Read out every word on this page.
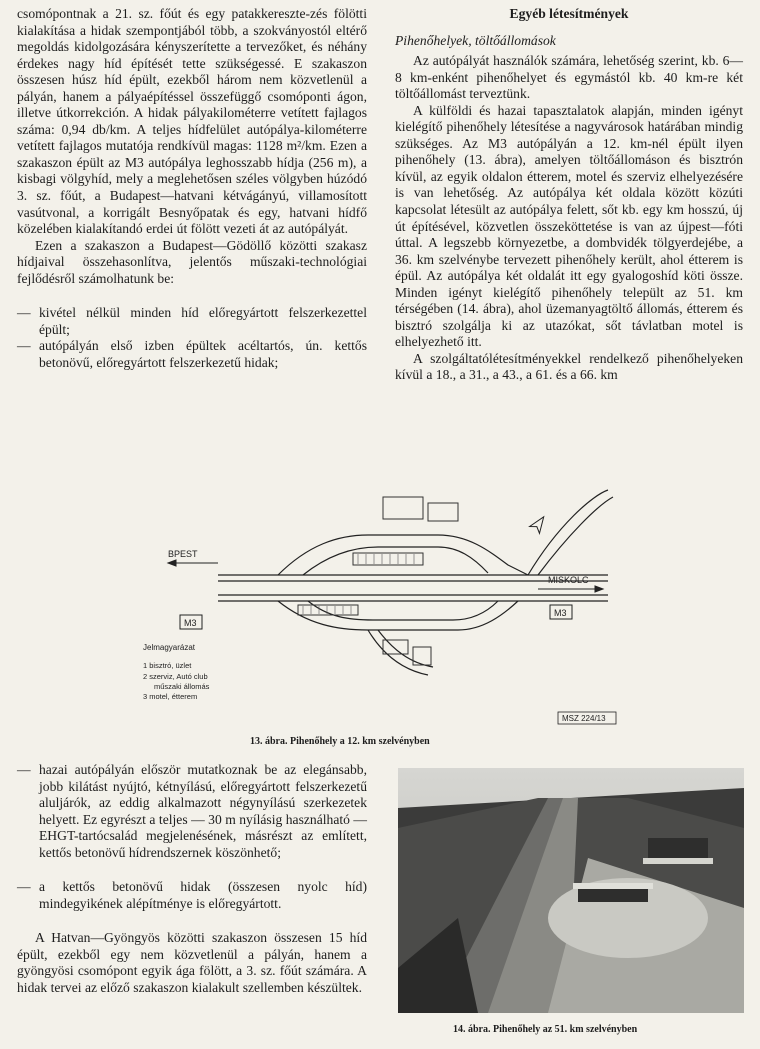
csomópontnak a 21. sz. főút és egy patakkereszte-zés fölötti kialakítása a hidak szempontjából több, a szokványostól eltérő megoldás kidolgozására kényszerítette a tervezőket, és néhány érdekes nagy híd építését tette szükségessé. E szakaszon összesen húsz híd épült, ezekből három nem közvetlenül a pályán, hanem a pályaépítéssel összefüggő csomóponti ágon, illetve útkorrekción. A hidak pályakilométerre vetített fajlagos száma: 0,94 db/km. A teljes hídfelület autópálya-kilométerre vetített fajlagos mutatója rendkívül magas: 1128 m²/km. Ezen a szakaszon épült az M3 autópálya leghosszabb hídja (256 m), a kisbagi völgyhíd, mely a meglehetősen széles völgyben húzódó 3. sz. főút, a Budapest—hatvani kétvágányú, villamosított vasútvonal, a korrigált Besnyőpatak és egy, hatvani hídfő közelében kialakítandó erdei út fölött vezeti át az autópályát.

Ezen a szakaszon a Budapest—Gödöllő közötti szakasz hídjaival összehasonlítva, jelentős műszaki-technológiai fejlődésről számolhatunk be:

— kivétel nélkül minden híd előregyártott felszerkezettel épült;
— autópályán első izben épültek acéltartós, ún. kettős betonövű, előregyártott felszerkezetű hidak;
Egyéb létesítmények
Pihenőhelyek, töltőállomások

Az autópályát használók számára, lehetőség szerint, kb. 6—8 km-enként pihenőhelyet és egymástól kb. 40 km-re két töltőállomást terveztünk.

A külföldi és hazai tapasztalatok alapján, minden igényt kielégítő pihenőhely létesítése a nagyvárosok határában mindig szükséges. Az M3 autópályán a 12. km-nél épült ilyen pihenőhely (13. ábra), amelyen töltőállomáson és bisztrón kívül, az egyik oldalon étterem, motel és szerviz elhelyezésére is van lehetőség. Az autópálya két oldala között közúti kapcsolat létesült az autópálya felett, sőt kb. egy km hosszú, új út építésével, közvetlen összeköttetése is van az újpest—fóti úttal. A legszebb környezetbe, a dombvidék tölgyerdejébe, a 36. km szelvénybe tervezett pihenőhely került, ahol étterem is épül. Az autópálya két oldalát itt egy gyalogoshíd köti össze. Minden igényt kielégítő pihenőhely települt az 51. km térségében (14. ábra), ahol üzemanyagtöltő állomás, étterem és bisztró szolgálja ki az utazókat, sőt távlatban motel is elhelyezhető itt.

A szolgáltatólétesítményekkel rendelkező pihenőhelyeken kívül a 18., a 31., a 43., a 61. és a 66. km

BPEST
MISKOLC
M3
M3
Jelmagyarázat
1 bisztró, üzlet
2 szerviz, Autó club
műszaki állomás
3 motel, étterem
MSZ 224/13
13. ábra. Pihenőhely a 12. km szelvényben
— hazai autópályán először mutatkoznak be az elegánsabb, jobb kilátást nyújtó, kétnyílású, előregyártott felszerkezetű aluljárók, az eddig alkalmazott négynyílású szerkezetek helyett. Ez egyrészt a teljes — 30 m nyílásig használható — EHGT-tartócsalád megjelenésének, másrészt az említett, kettős betonövű hídrendszernek köszönhető;
— a kettős betonövű hidak (összesen nyolc híd) mindegyikének alépítménye is előregyártott.

A Hatvan—Gyöngyös közötti szakaszon összesen 15 híd épült, ezekből egy nem közvetlenül a pályán, hanem a gyöngyösi csomópont egyik ága fölött, a 3. sz. főút számára. A hidak tervei az előző szakaszon kialakult szellemben készültek.

14. ábra. Pihenőhely az 51. km szelvényben
